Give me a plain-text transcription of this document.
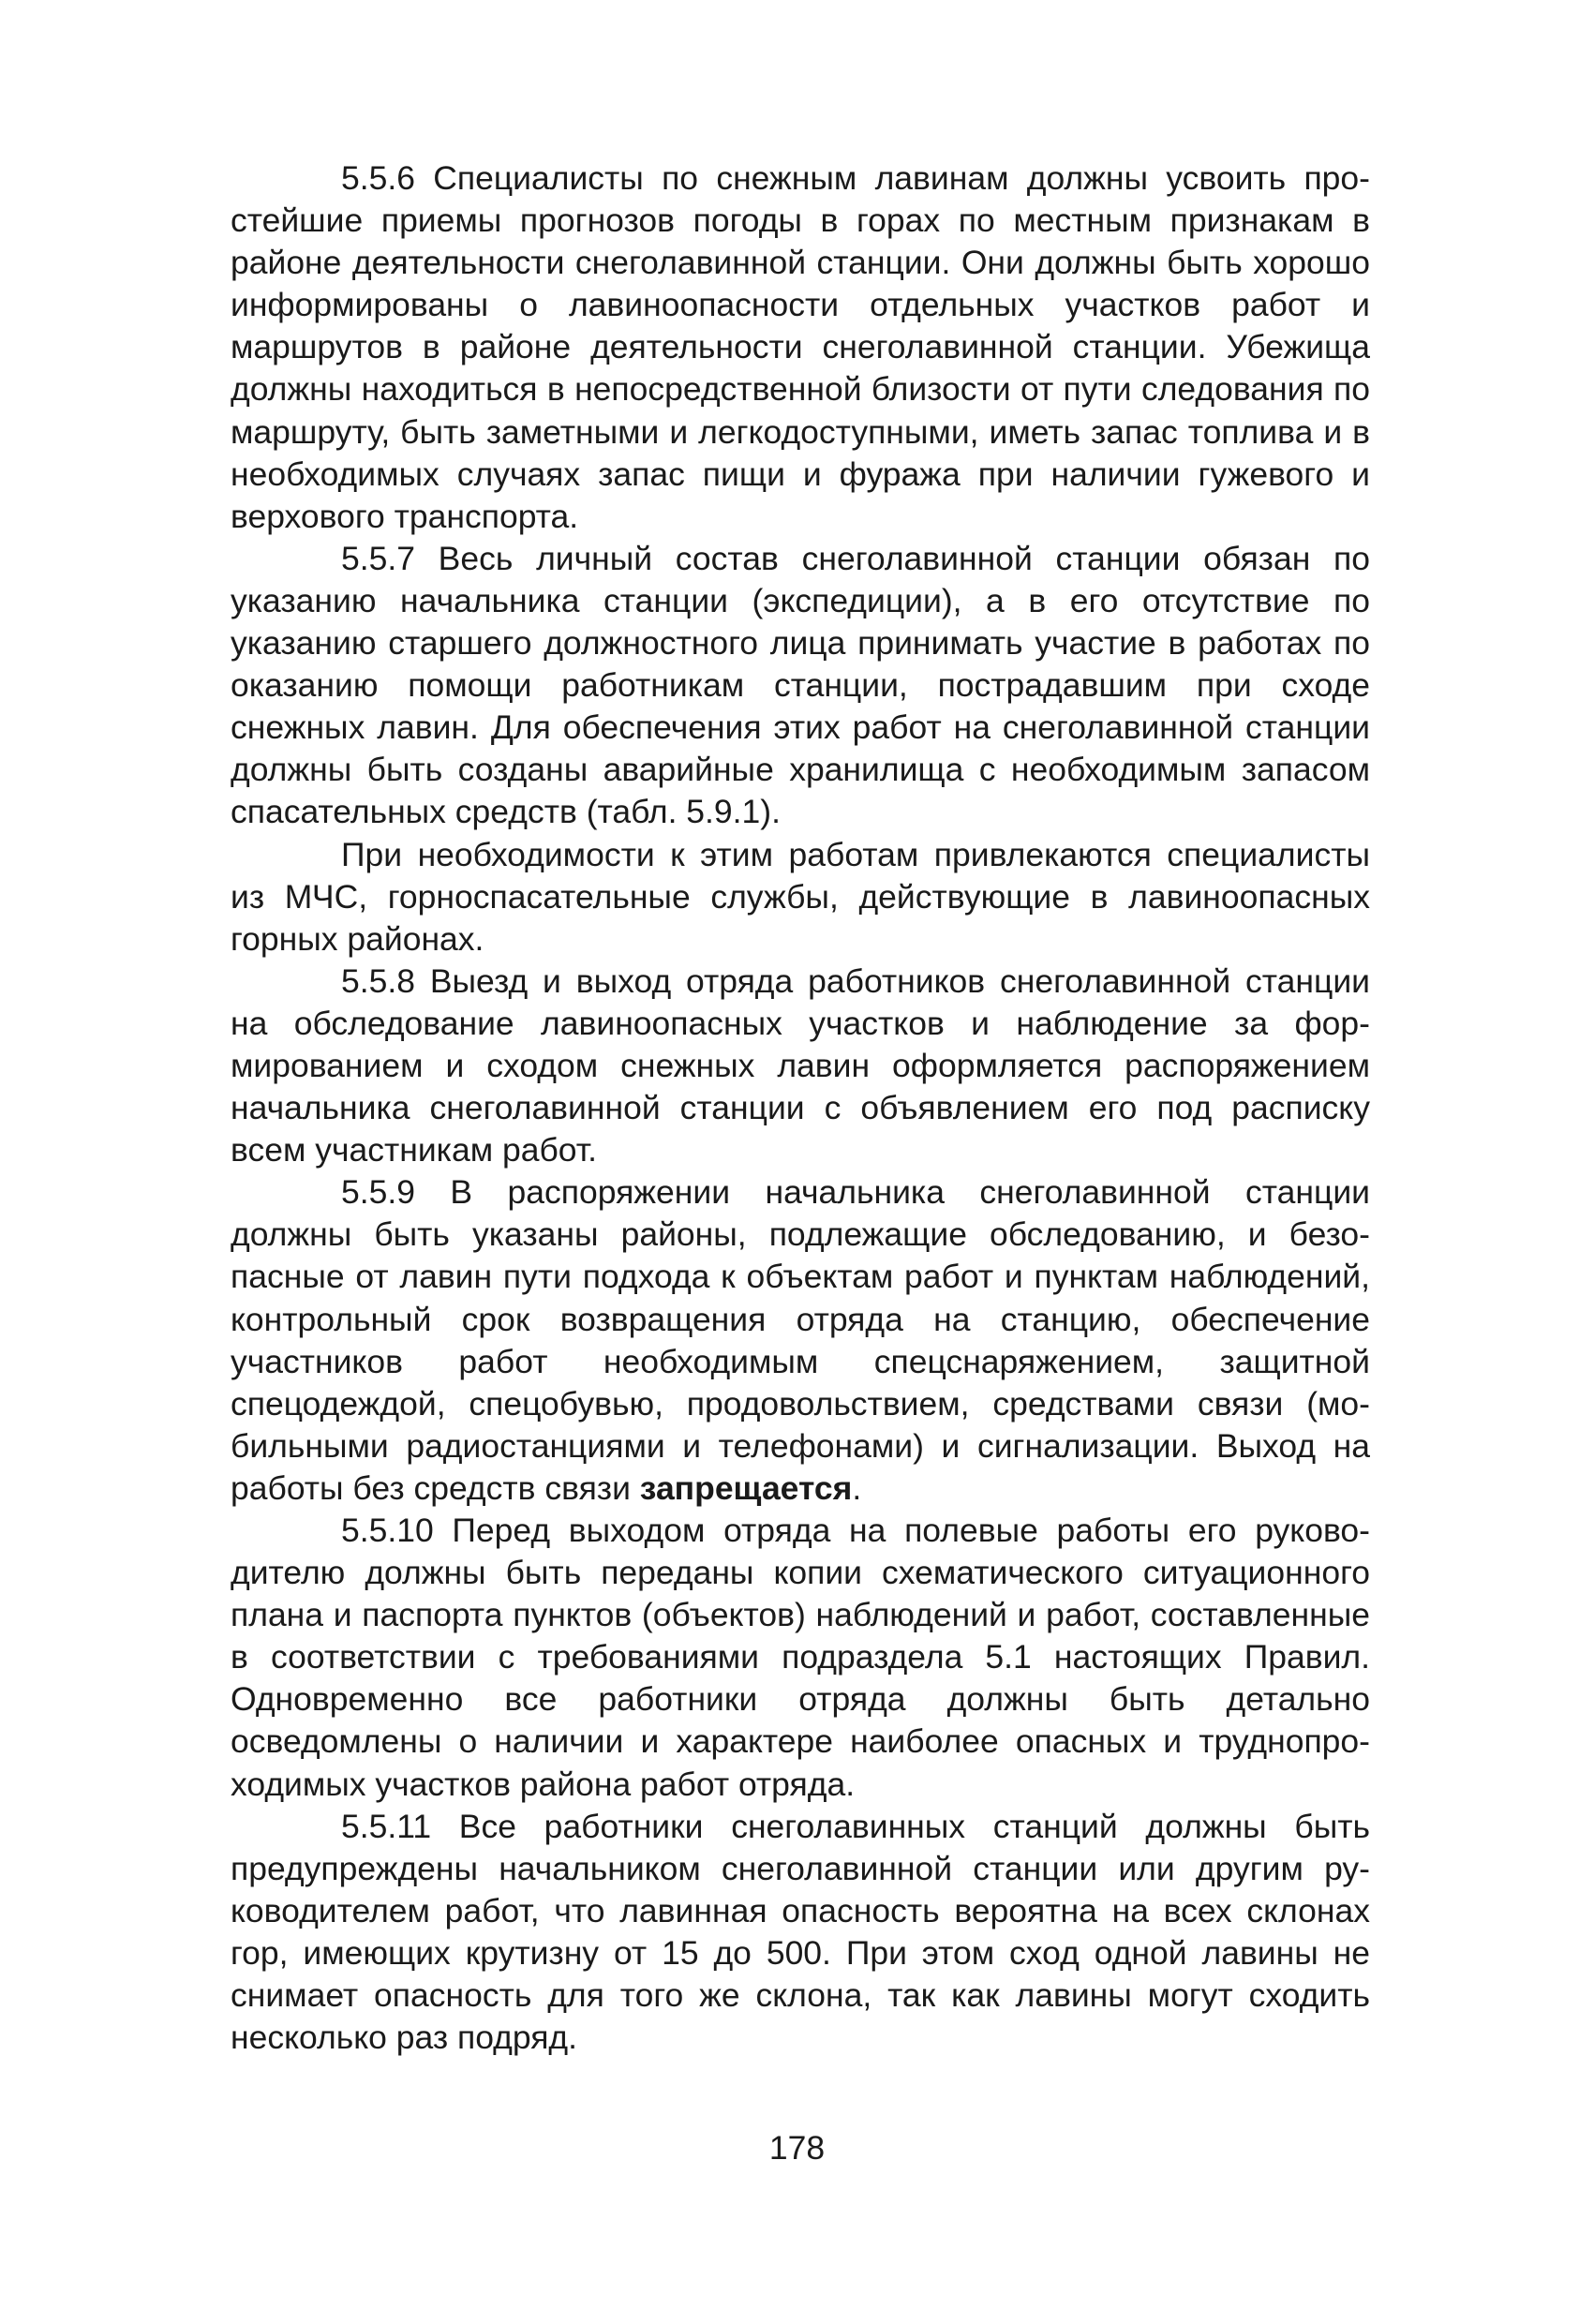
5.5.6 Специалисты по снежным лавинам должны усвоить простейшие приемы прогнозов погоды в горах по местным признакам в районе деятельности снеголавинной станции. Они должны быть хорошо информированы о лавиноопасности отдельных участков работ и маршрутов в районе деятельности снеголавинной станции. Убежища должны находиться в непосредственной близости от пути следования по маршруту, быть заметными и легкодоступными, иметь запас топлива и в необходимых случаях запас пищи и фуража при наличии гужевого и верхового транспорта.

5.5.7 Весь личный состав снеголавинной станции обязан по указанию начальника станции (экспедиции), а в его отсутствие по указанию старшего должностного лица принимать участие в работах по оказанию помощи работникам станции, пострадавшим при сходе снежных лавин. Для обеспечения этих работ на снеголавинной станции должны быть созданы аварийные хранилища с необходимым запасом спасательных средств (табл. 5.9.1).

При необходимости к этим работам привлекаются специалисты из МЧС, горноспасательные службы, действующие в лавиноопасных горных районах.

5.5.8 Выезд и выход отряда работников снеголавинной станции на обследование лавиноопасных участков и наблюдение за формированием и сходом снежных лавин оформляется распоряжением начальника снеголавинной станции с объявлением его под расписку всем участникам работ.

5.5.9 В распоряжении начальника снеголавинной станции должны быть указаны районы, подлежащие обследованию, и безопасные от лавин пути подхода к объектам работ и пунктам наблюдений, контрольный срок возвращения отряда на станцию, обеспечение участников работ необходимым спецснаряжением, защитной спецодеждой, спецобувью, продовольствием, средствами связи (мобильными радиостанциями и телефонами) и сигнализации. Выход на работы без средств связи запрещается.

5.5.10 Перед выходом отряда на полевые работы его руководителю должны быть переданы копии схематического ситуационного плана и паспорта пунктов (объектов) наблюдений и работ, составленные в соответствии с требованиями подраздела 5.1 настоящих Правил. Одновременно все работники отряда должны быть детально осведомлены о наличии и характере наиболее опасных и труднопроходимых участков района работ отряда.

5.5.11 Все работники снеголавинных станций должны быть предупреждены начальником снеголавинной станции или другим руководителем работ, что лавинная опасность вероятна на всех склонах гор, имеющих крутизну от 15 до 500. При этом сход одной лавины не снимает опасность для того же склона, так как лавины могут сходить несколько раз подряд.

178
